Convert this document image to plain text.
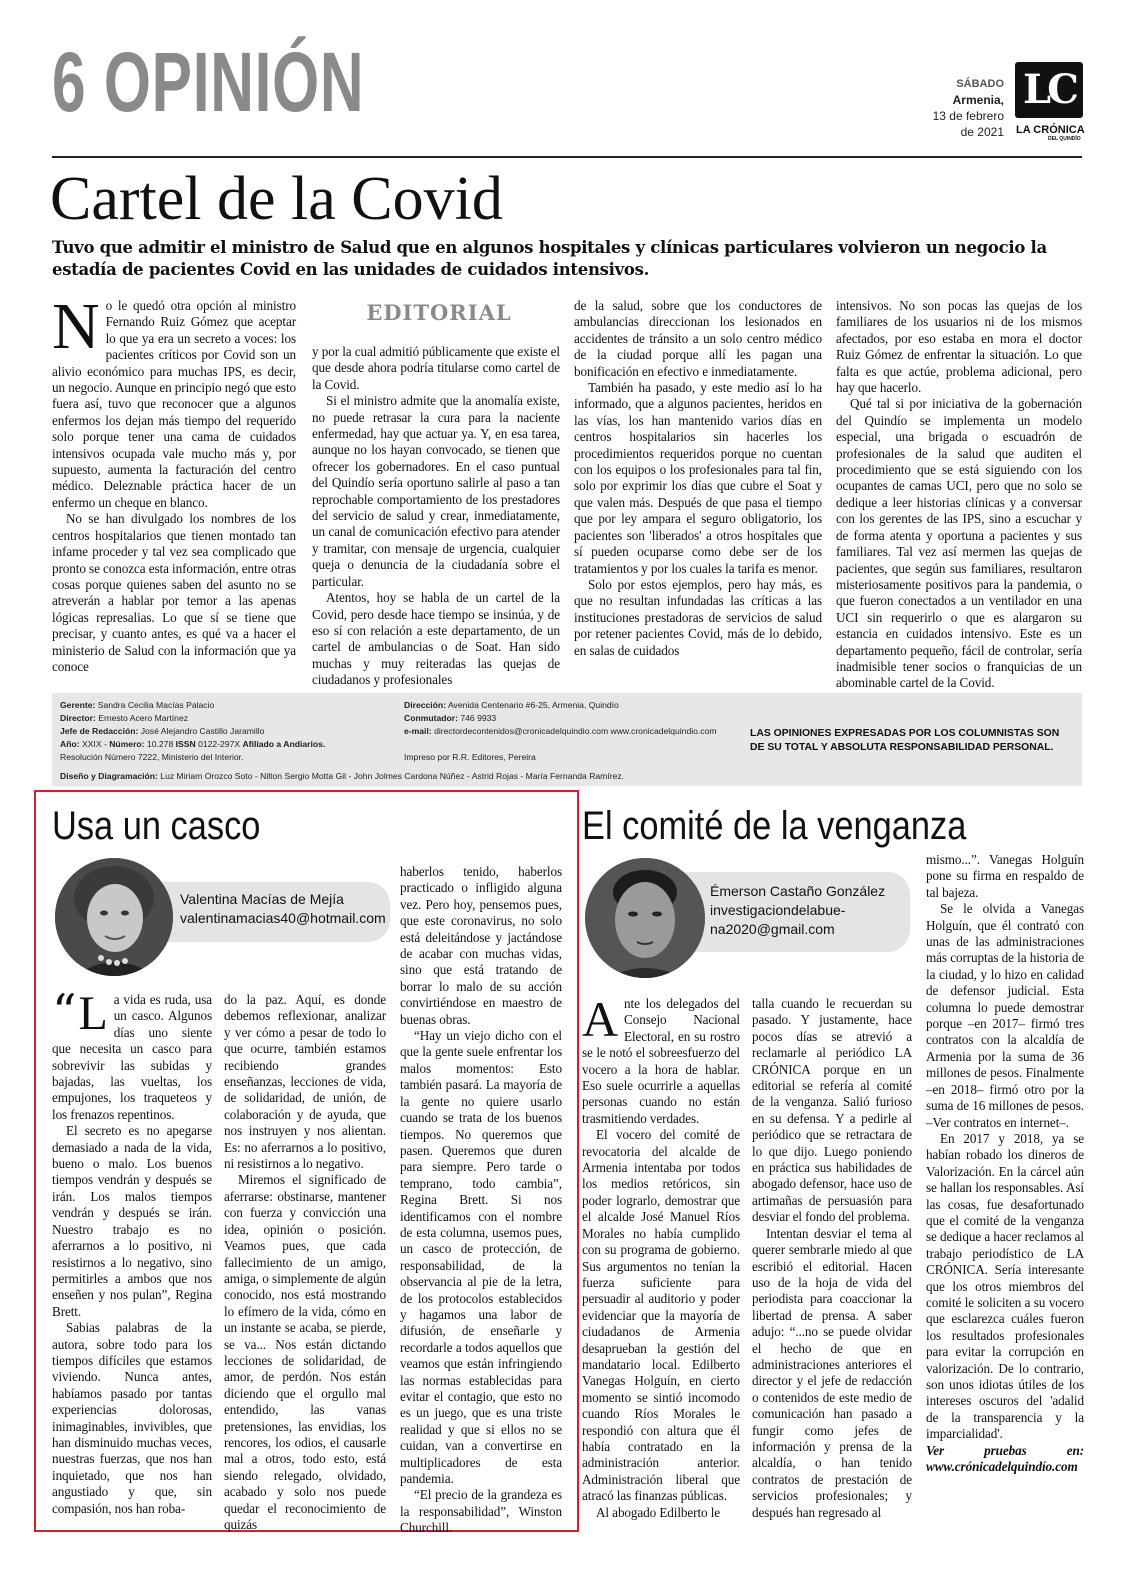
6 OPINIÓN	SÁBADO
Armenia,
13 de febrero
de 2021
LC
LA CRÓNICA
DEL QUINDÍO
Cartel de la Covid
Tuvo que admitir el ministro de Salud que en algunos hospitales y clínicas particulares volvieron un negocio la estadía de pacientes Covid en las unidades de cuidados intensivos.
N o le quedó otra opción al ministro Fernando Ruiz Gómez que aceptar lo que ya era un secreto a voces: los pacientes críticos por Covid son un alivio económico para muchas IPS, es decir, un negocio. Aunque en principio negó que esto fuera así, tuvo que reconocer que a algunos enfermos los dejan más tiempo del requerido solo porque tener una cama de cuidados intensivos ocupada vale mucho más y, por supuesto, aumenta la facturación del centro médico. Deleznable práctica hacer de un enfermo un cheque en blanco.

No se han divulgado los nombres de los centros hospitalarios que tienen montado tan infame proceder y tal vez sea complicado que pronto se conozca esta información, entre otras cosas porque quienes saben del asunto no se atreverán a hablar por temor a las apenas lógicas represalias. Lo que sí se tiene que precisar, y cuanto antes, es qué va a hacer el ministerio de Salud con la información que ya conoce

EDITORIAL

y por la cual admitió públicamente que existe el que desde ahora podría titularse como cartel de la Covid.

Si el ministro admite que la anomalía existe, no puede retrasar la cura para la naciente enfermedad, hay que actuar ya. Y, en esa tarea, aunque no los hayan convocado, se tienen que ofrecer los gobernadores. En el caso puntual del Quindío sería oportuno salirle al paso a tan reprochable comportamiento de los prestadores del servicio de salud y crear, inmediatamente, un canal de comunicación efectivo para atender y tramitar, con mensaje de urgencia, cualquier queja o denuncia de la ciudadanía sobre el particular.

Atentos, hoy se habla de un cartel de la Covid, pero desde hace tiempo se insinúa, y de eso sí con relación a este departamento, de un cartel de ambulancias o de Soat. Han sido muchas y muy reiteradas las quejas de ciudadanos y profesionales

de la salud, sobre que los conductores de ambulancias direccionan los lesionados en accidentes de tránsito a un solo centro médico de la ciudad porque allí les pagan una bonificación en efectivo e inmediatamente.

También ha pasado, y este medio así lo ha informado, que a algunos pacientes, heridos en las vías, los han mantenido varios días en centros hospitalarios sin hacerles los procedimientos requeridos porque no cuentan con los equipos o los profesionales para tal fin, solo por exprimir los días que cubre el Soat y que valen más. Después de que pasa el tiempo que por ley ampara el seguro obligatorio, los pacientes son 'liberados' a otros hospitales que sí pueden ocuparse como debe ser de los tratamientos y por los cuales la tarifa es menor.

Solo por estos ejemplos, pero hay más, es que no resultan infundadas las críticas a las instituciones prestadoras de servicios de salud por retener pacientes Covid, más de lo debido, en salas de cuidados

intensivos. No son pocas las quejas de los familiares de los usuarios ni de los mismos afectados, por eso estaba en mora el doctor Ruiz Gómez de enfrentar la situación. Lo que falta es que actúe, problema adicional, pero hay que hacerlo.

Qué tal si por iniciativa de la gobernación del Quindío se implementa un modelo especial, una brigada o escuadrón de profesionales de la salud que auditen el procedimiento que se está siguiendo con los ocupantes de camas UCI, pero que no solo se dedique a leer historias clínicas y a conversar con los gerentes de las IPS, sino a escuchar y de forma atenta y oportuna a pacientes y sus familiares. Tal vez así mermen las quejas de pacientes, que según sus familiares, resultaron misteriosamente positivos para la pandemia, o que fueron conectados a un ventilador en una UCI sin requerirlo o que es alargaron su estancia en cuidados intensivo. Este es un departamento pequeño, fácil de controlar, sería inadmisible tener socios o franquicias de un abominable cartel de la Covid.

Gerente: Sandra Cecilia Macías Palacio
Director: Ernesto Acero Martínez
Jefe de Redacción: José Alejandro Castillo Jaramillo
Año: XXIX - Número: 10.278 ISSN 0122-297X Afiliado a Andiarios.
Resolución Número 7222, Ministerio del Interior.
Dirección: Avenida Centenario #6-25, Armenia, Quindío
Conmutador: 746 9933
e-mail: directordecontenidos@cronicadelquindio.com www.cronicadelquindio.com
Impreso por R.R. Editores, Pereira
Diseño y Diagramación: Luz Miriam Orozco Soto - Nilton Sergio Motta Gil - John Jolmes Cardona Núñez - Astrid Rojas - María Fernanda Ramírez.
LAS OPINIONES EXPRESADAS POR LOS COLUMNISTAS SON DE SU TOTAL Y ABSOLUTA RESPONSABILIDAD PERSONAL.
Usa un casco
Valentina Macías de Mejía
valentinamacias40@hotmail.com
“ L a vida es ruda, usa un casco. Algunos días uno siente que necesita un casco para sobrevivir las subidas y bajadas, las vueltas, los empujones, los traqueteos y los frenazos repentinos.

El secreto es no apegarse demasiado a nada de la vida, bueno o malo. Los buenos tiempos vendrán y después se irán. Los malos tiempos vendrán y después se irán. Nuestro trabajo es no aferrarnos a lo positivo, ni resistirnos a lo negativo, sino permitirles a ambos que nos enseñen y nos pulan”, Regina Brett.

Sabias palabras de la autora, sobre todo para los tiempos difíciles que estamos viviendo. Nunca antes, habíamos pasado por tantas experiencias dolorosas, inimaginables, invivibles, que han disminuido muchas veces, nuestras fuerzas, que nos han inquietado, que nos han angustiado y que, sin compasión, nos han roba-

do la paz. Aquí, es donde debemos reflexionar, analizar y ver cómo a pesar de todo lo que ocurre, también estamos recibiendo grandes enseñanzas, lecciones de vida, de solidaridad, de unión, de colaboración y de ayuda, que nos instruyen y nos alientan. Es: no aferrarnos a lo positivo, ni resistirnos a lo negativo.

Miremos el significado de aferrarse: obstinarse, mantener con fuerza y convicción una idea, opinión o posición. Veamos pues, que cada fallecimiento de un amigo, amiga, o simplemente de algún conocido, nos está mostrando lo efímero de la vida, cómo en un instante se acaba, se pierde, se va... Nos están dictando lecciones de solidaridad, de amor, de perdón. Nos están diciendo que el orgullo mal entendido, las vanas pretensiones, las envidias, los rencores, los odios, el causarle mal a otros, todo esto, está siendo relegado, olvidado, acabado y solo nos puede quedar el reconocimiento de quizás

haberlos tenido, haberlos practicado o infligido alguna vez. Pero hoy, pensemos pues, que este coronavirus, no solo está deleitándose y jactándose de acabar con muchas vidas, sino que está tratando de borrar lo malo de su acción convirtiéndose en maestro de buenas obras.

“Hay un viejo dicho con el que la gente suele enfrentar los malos momentos: Esto también pasará. La mayoría de la gente no quiere usarlo cuando se trata de los buenos tiempos. No queremos que pasen. Queremos que duren para siempre. Pero tarde o temprano, todo cambia”, Regina Brett. Si nos identificamos con el nombre de esta columna, usemos pues, un casco de protección, de responsabilidad, de la observancia al pie de la letra, de los protocolos establecidos y hagamos una labor de difusión, de enseñarle y recordarle a todos aquellos que veamos que están infringiendo las normas establecidas para evitar el contagio, que esto no es un juego, que es una triste realidad y que si ellos no se cuidan, van a convertirse en multiplicadores de esta pandemia.

“El precio de la grandeza es la responsabilidad”, Winston Churchill.

El comité de la venganza
Émerson Castaño González
investigaciondelabue-
na2020@gmail.com
A nte los delegados del Consejo Nacional Electoral, en su rostro se le notó el sobreesfuerzo del vocero a la hora de hablar. Eso suele ocurrirle a aquellas personas cuando no están trasmitiendo verdades.

El vocero del comité de revocatoria del alcalde de Armenia intentaba por todos los medios retóricos, sin poder lograrlo, demostrar que el alcalde José Manuel Ríos Morales no había cumplido con su programa de gobierno. Sus argumentos no tenían la fuerza suficiente para persuadir al auditorio y poder evidenciar que la mayoría de ciudadanos de Armenia desaprueban la gestión del mandatario local. Edilberto Vanegas Holguín, en cierto momento se sintió incomodo cuando Ríos Morales le respondió con altura que él había contratado en la administración anterior. Administración liberal que atracó las finanzas públicas.

Al abogado Edilberto le

talla cuando le recuerdan su pasado. Y justamente, hace pocos días se atrevió a reclamarle al periódico LA CRÓNICA porque en un editorial se refería al comité de la venganza. Salió furioso en su defensa. Y a pedirle al periódico que se retractara de lo que dijo. Luego poniendo en práctica sus habilidades de abogado defensor, hace uso de artimañas de persuasión para desviar el fondo del problema.

Intentan desviar el tema al querer sembrarle miedo al que escribió el editorial. Hacen uso de la hoja de vida del periodista para coaccionar la libertad de prensa. A saber adujo: “...no se puede olvidar el hecho de que en administraciones anteriores el director y el jefe de redacción o contenidos de este medio de comunicación han pasado a fungir como jefes de información y prensa de la alcaldía, o han tenido contratos de prestación de servicios profesionales; y después han regresado al

mismo...”. Vanegas Holguín pone su firma en respaldo de tal bajeza.

Se le olvida a Vanegas Holguín, que él contrató con unas de las administraciones más corruptas de la historia de la ciudad, y lo hizo en calidad de defensor judicial. Esta columna lo puede demostrar porque –en 2017– firmó tres contratos con la alcaldía de Armenia por la suma de 36 millones de pesos. Finalmente –en 2018– firmó otro por la suma de 16 millones de pesos. –Ver contratos en internet–.

En 2017 y 2018, ya se habían robado los dineros de Valorización. En la cárcel aún se hallan los responsables. Así las cosas, fue desafortunado que el comité de la venganza se dedique a hacer reclamos al trabajo periodístico de LA CRÓNICA. Sería interesante que los otros miembros del comité le soliciten a su vocero que esclarezca cuáles fueron los resultados profesionales para evitar la corrupción en valorización. De lo contrario, son unos idiotas útiles de los intereses oscuros del 'adalid de la transparencia y la imparcialidad'.

Ver pruebas en: www.crónicadelquindío.com
